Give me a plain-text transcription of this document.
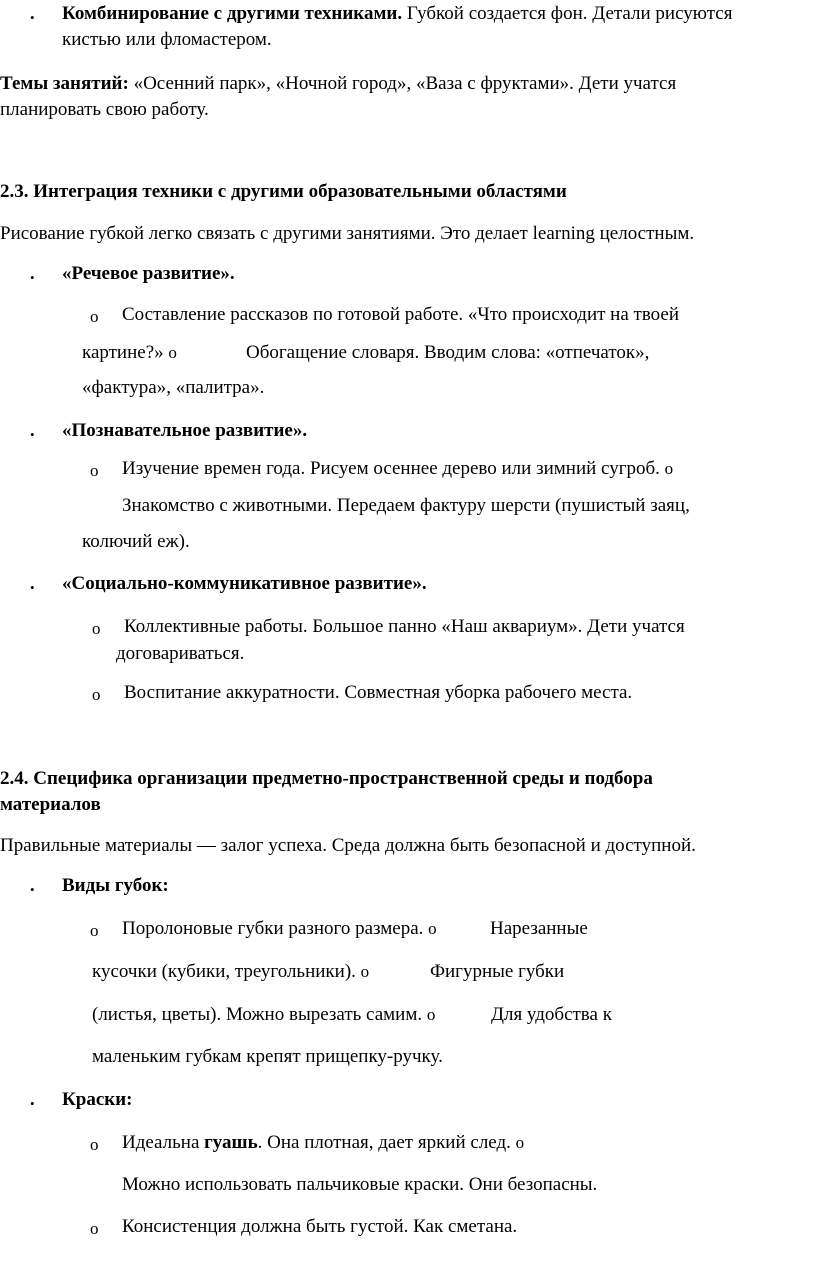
• Комбинирование с другими техниками. Губкой создается фон. Детали рисуются
кистью или фломастером.
Темы занятий: «Осенний парк», «Ночной город», «Ваза с фруктами». Дети учатся
планировать свою работу.
2.3. Интеграция техники с другими образовательными областями
Рисование губкой легко связать с другими занятиями. Это делает learning целостным.
• «Речевое развитие».
o Составление рассказов по готовой работе. «Что происходит на твоей
картине?» o	Обогащение словаря. Вводим слова: «отпечаток»,
«фактура», «палитра».
• «Познавательное развитие».
o Изучение времен года. Рисуем осеннее дерево или зимний сугроб. o
Знакомство с животными. Передаем фактуру шерсти (пушистый заяц,
колючий еж).
• «Социально-коммуникативное развитие».
o Коллективные работы. Большое панно «Наш аквариум». Дети учатся
договариваться.
o Воспитание аккуратности. Совместная уборка рабочего места.
2.4. Специфика организации предметно-пространственной среды и подбора
материалов
Правильные материалы — залог успеха. Среда должна быть безопасной и доступной.
• Виды губок:
o Поролоновые губки разного размера. o	Нарезанные
кусочки (кубики, треугольники). o	Фигурные губки
(листья, цветы). Можно вырезать самим. o	Для удобства к
маленьким губкам крепят прищепку-ручку.
• Краски:
o Идеальна гуашь. Она плотная, дает яркий след. o
Можно использовать пальчиковые краски. Они безопасны.
o Консистенция должна быть густой. Как сметана.
